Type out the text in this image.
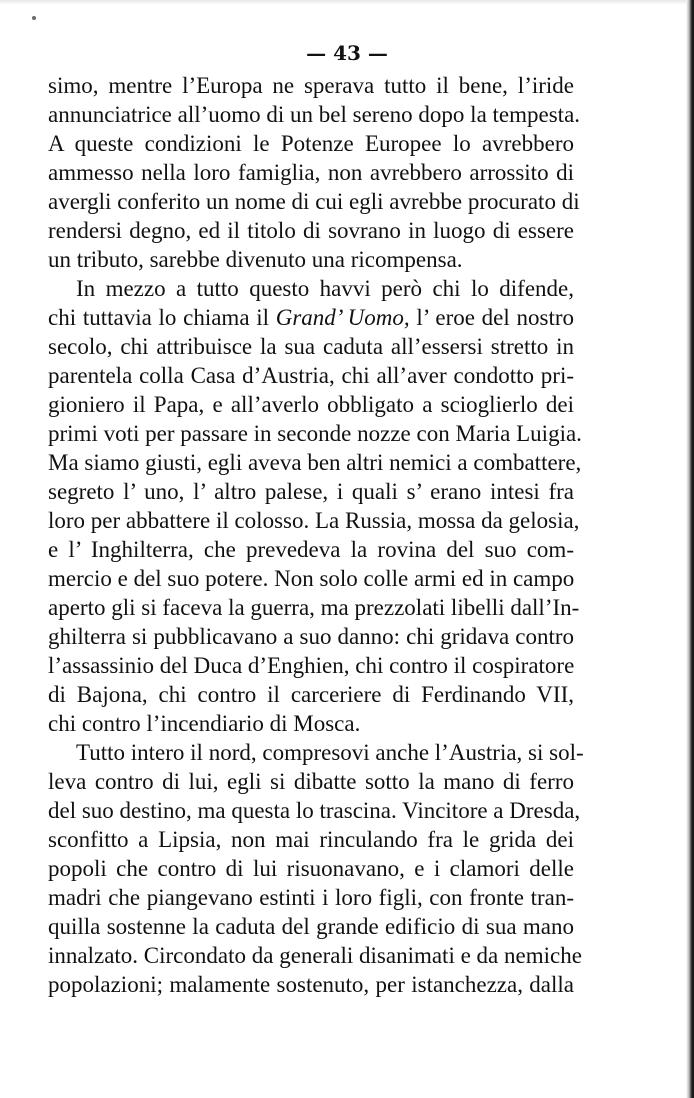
— 43 —
simo, mentre l’Europa ne sperava tutto il bene, l’iride
annunciatrice all’uomo di un bel sereno dopo la tempesta.
A queste condizioni le Potenze Europee lo avrebbero
ammesso nella loro famiglia, non avrebbero arrossito di
avergli conferito un nome di cui egli avrebbe procurato di
rendersi degno, ed il titolo di sovrano in luogo di essere
un tributo, sarebbe divenuto una ricompensa.
In mezzo a tutto questo havvi però chi lo difende,
chi tuttavia lo chiama il Grand’ Uomo, l’ eroe del nostro
secolo, chi attribuisce la sua caduta all’essersi stretto in
parentela colla Casa d’Austria, chi all’aver condotto pri-
gioniero il Papa, e all’averlo obbligato a scioglierlo dei
primi voti per passare in seconde nozze con Maria Luigia.
Ma siamo giusti, egli aveva ben altri nemici a combattere,
segreto l’ uno, l’ altro palese, i quali s’ erano intesi fra
loro per abbattere il colosso. La Russia, mossa da gelosia,
e l’ Inghilterra, che prevedeva la rovina del suo com-
mercio e del suo potere. Non solo colle armi ed in campo
aperto gli si faceva la guerra, ma prezzolati libelli dall’In-
ghilterra si pubblicavano a suo danno: chi gridava contro
l’assassinio del Duca d’Enghien, chi contro il cospiratore
di Bajona, chi contro il carceriere di Ferdinando VII,
chi contro l’incendiario di Mosca.
Tutto intero il nord, compresovi anche l’Austria, si sol-
leva contro di lui, egli si dibatte sotto la mano di ferro
del suo destino, ma questa lo trascina. Vincitore a Dresda,
sconfitto a Lipsia, non mai rinculando fra le grida dei
popoli che contro di lui risuonavano, e i clamori delle
madri che piangevano estinti i loro figli, con fronte tran-
quilla sostenne la caduta del grande edificio di sua mano
innalzato. Circondato da generali disanimati e da nemiche
popolazioni; malamente sostenuto, per istanchezza, dalla
